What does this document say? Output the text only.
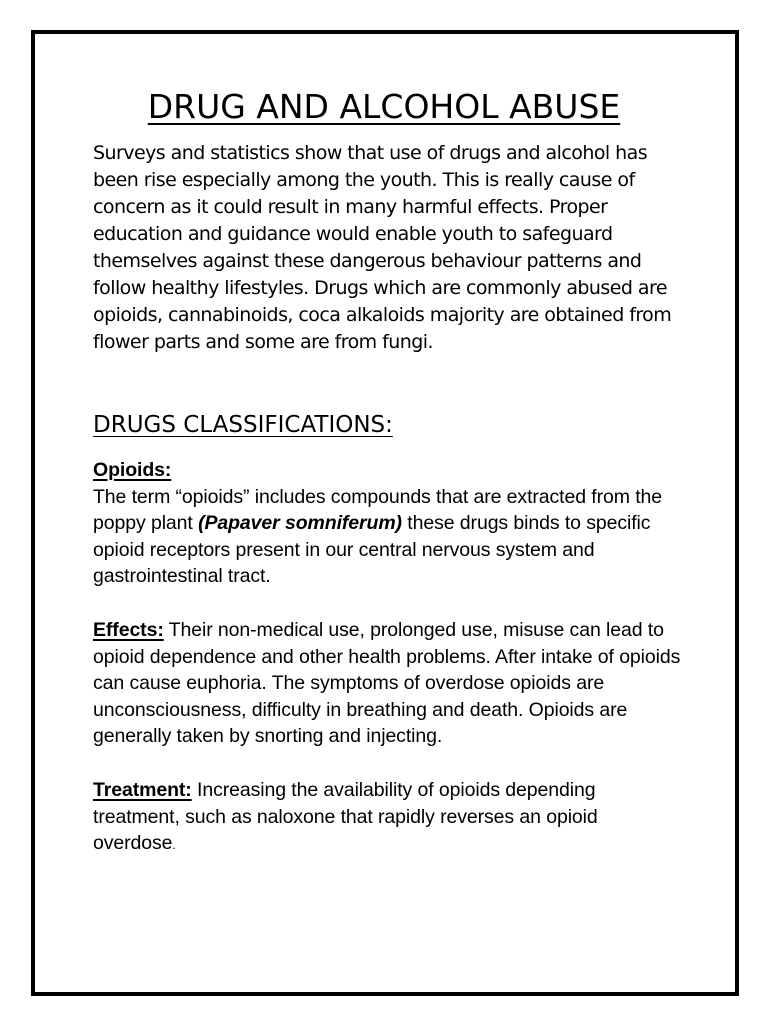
DRUG AND ALCOHOL ABUSE

Surveys and statistics show that use of drugs and alcohol has been rise especially among the youth. This is really cause of concern as it could result in many harmful effects. Proper education and guidance would enable youth to safeguard themselves against these dangerous behaviour patterns and follow healthy lifestyles. Drugs which are commonly abused are opioids, cannabinoids, coca alkaloids majority are obtained from flower parts and some are from fungi.

DRUGS CLASSIFICATIONS:
Opioids:
The term “opioids” includes compounds that are extracted from the poppy plant (Papaver somniferum) these drugs binds to specific opioid receptors present in our central nervous system and gastrointestinal tract.
Effects: Their non-medical use, prolonged use, misuse can lead to opioid dependence and other health problems. After intake of opioids can cause euphoria. The symptoms of overdose opioids are unconsciousness, difficulty in breathing and death. Opioids are generally taken by snorting and injecting.
Treatment: Increasing the availability of opioids depending treatment, such as naloxone that rapidly reverses an opioid overdose.
